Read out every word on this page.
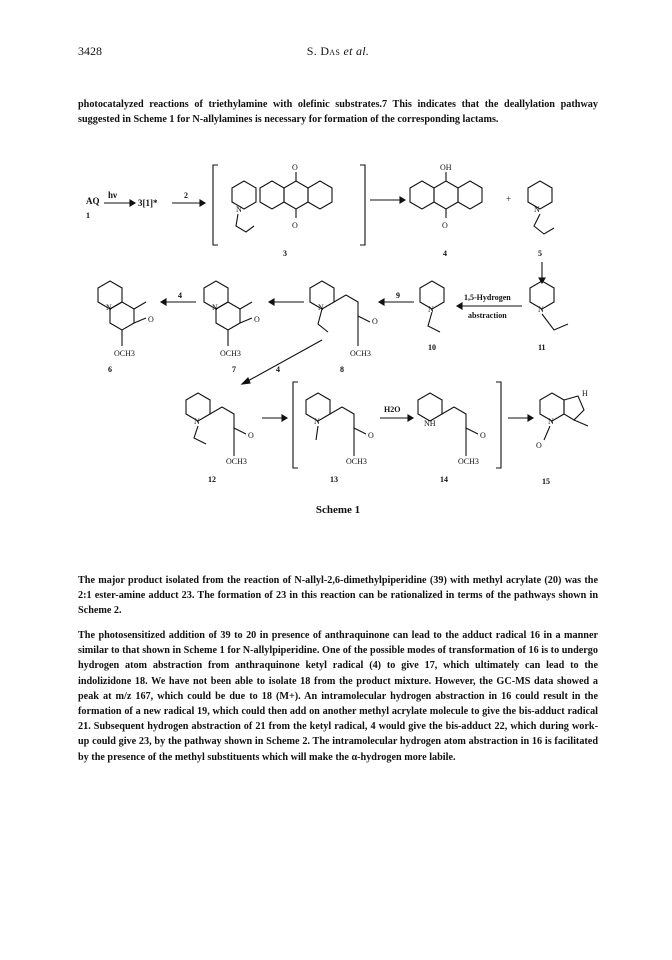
3428	S. Das et al.
photocatalyzed reactions of triethylamine with olefinic substrates.7 This indicates that the deallylation pathway suggested in Scheme 1 for N-allylamines is necessary for formation of the corresponding lactams.
AQ
1
hν
3[1]*
2
N
O
O
3
OH
O
4
+
N
5
N
O
OCH3
6
4
N
O
OCH3
7
N
O
OCH3
8
9
N
10
1,5-Hydrogen
abstraction
N
11
4
N
O
OCH3
12
N
O
OCH3
13
H2O
NH
O
OCH3
14
N
O
H
15
Scheme 1
The major product isolated from the reaction of N-allyl-2,6-dimethylpiperidine (39) with methyl acrylate (20) was the 2:1 ester-amine adduct 23. The formation of 23 in this reaction can be rationalized in terms of the pathways shown in Scheme 2.
The photosensitized addition of 39 to 20 in presence of anthraquinone can lead to the adduct radical 16 in a manner similar to that shown in Scheme 1 for N-allylpiperidine. One of the possible modes of transformation of 16 is to undergo hydrogen atom abstraction from anthraquinone ketyl radical (4) to give 17, which ultimately can lead to the indolizidone 18. We have not been able to isolate 18 from the product mixture. However, the GC-MS data showed a peak at m/z 167, which could be due to 18 (M+). An intramolecular hydrogen abstraction in 16 could result in the formation of a new radical 19, which could then add on another methyl acrylate molecule to give the bis-adduct radical 21. Subsequent hydrogen abstraction of 21 from the ketyl radical, 4 would give the bis-adduct 22, which during work-up could give 23, by the pathway shown in Scheme 2. The intramolecular hydrogen atom abstraction in 16 is facilitated by the presence of the methyl substituents which will make the α-hydrogen more labile.
